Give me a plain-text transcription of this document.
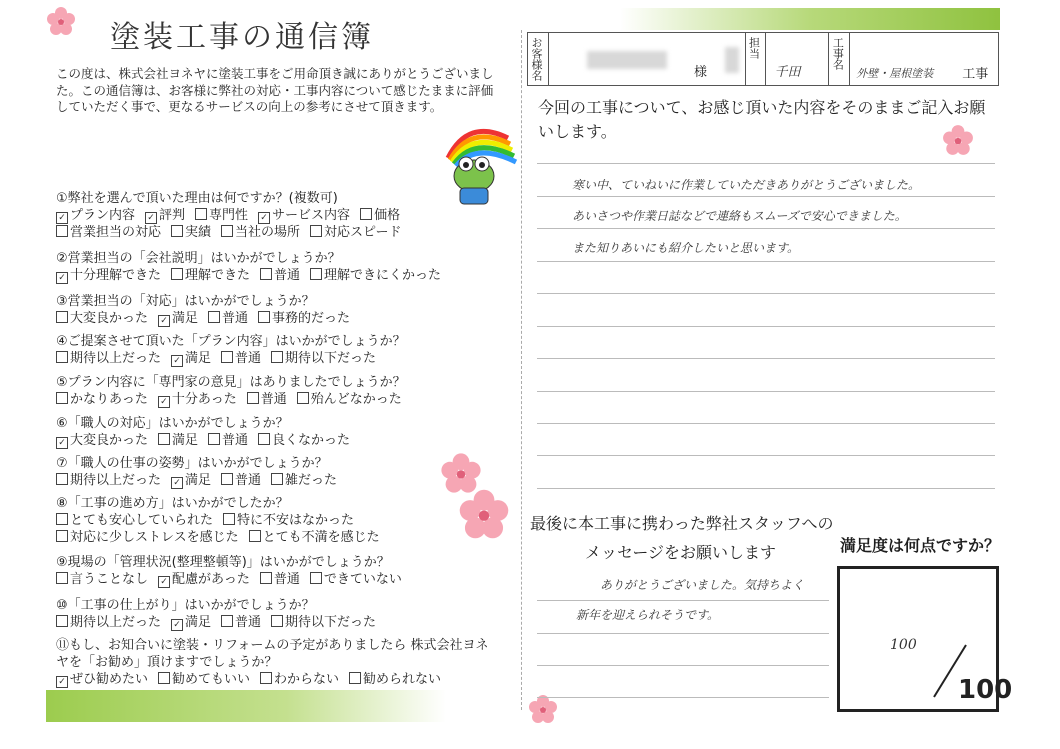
塗装工事の通信簿
この度は、株式会社ヨネヤに塗装工事をご用命頂き誠にありがとうございました。この通信簿は、お客様に弊社の対応・工事内容について感じたままに評価していただく事で、更なるサービスの向上の参考にさせて頂きます。
①弊社を選んで頂いた理由は何ですか？(複数可)
✓ プラン内容 ✓ 評判 専門性 ✓ サービス内容 価格
営業担当の対応 実績 当社の場所 対応スピード
②営業担当の「会社説明」はいかがでしょうか？
✓ 十分理解できた 理解できた 普通 理解できにくかった
③営業担当の「対応」はいかがでしょうか？
大変良かった ✓ 満足 普通 事務的だった
④ご提案させて頂いた「プラン内容」はいかがでしょうか？
期待以上だった ✓ 満足 普通 期待以下だった
⑤プラン内容に「専門家の意見」はありましたでしょうか？
かなりあった ✓ 十分あった 普通 殆んどなかった
⑥「職人の対応」はいかがでしょうか？
✓ 大変良かった 満足 普通 良くなかった
⑦「職人の仕事の姿勢」はいかがでしょうか？
期待以上だった ✓ 満足 普通 雑だった
⑧「工事の進め方」はいかがでしたか？
とても安心していられた 特に不安はなかった
対応に少しストレスを感じた とても不満を感じた
⑨現場の「管理状況(整理整頓等)」はいかがでしょうか？
言うことなし ✓ 配慮があった 普通 できていない
⑩「工事の仕上がり」はいかがでしょうか？
期待以上だった ✓ 満足 普通 期待以下だった
⑪もし、お知合いに塗装・リフォームの予定がありましたら 株式会社ヨネヤを「お勧め」頂けますでしょうか？
✓ ぜひ勧めたい 勧めてもいい わからない 勧められない
お客様名	様
担当
千田
工事名
外壁・屋根塗装 工事
今回の工事について、お感じ頂いた内容をそのままご記入お願いします。
寒い中、ていねいに作業していただきありがとうございました。
あいさつや作業日誌などで連絡もスムーズで安心できました。
また知りあいにも紹介したいと思います。
最後に本工事に携わった弊社スタッフへの
メッセージをお願いします
ありがとうございました。気持ちよく
新年を迎えられそうです。
満足度は何点ですか？
100
100
